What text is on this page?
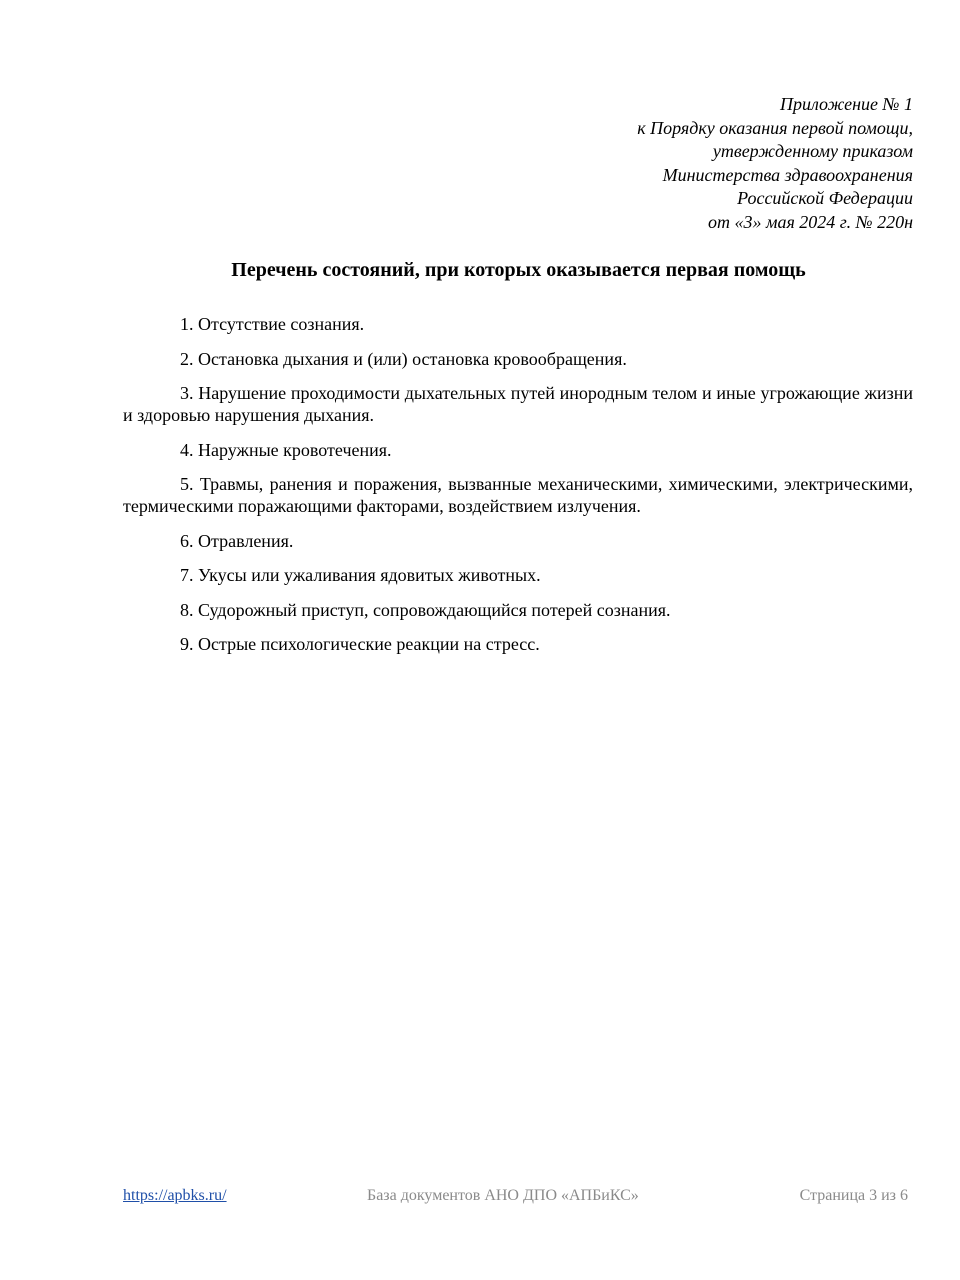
Приложение № 1
к Порядку оказания первой помощи,
утвержденному приказом
Министерства здравоохранения
Российской Федерации
от «3» мая 2024 г. № 220н
Перечень состояний, при которых оказывается первая помощь

1. Отсутствие сознания.

2. Остановка дыхания и (или) остановка кровообращения.

3. Нарушение проходимости дыхательных путей инородным телом и иные угрожающие жизни и здоровью нарушения дыхания.

4. Наружные кровотечения.

5. Травмы, ранения и поражения, вызванные механическими, химическими, электрическими, термическими поражающими факторами, воздействием излучения.

6. Отравления.

7. Укусы или ужаливания ядовитых животных.

8. Судорожный приступ, сопровождающийся потерей сознания.

9. Острые психологические реакции на стресс.

https://apbks.ru/	База документов АНО ДПО «АПБиКС»	Страница 3 из 6
